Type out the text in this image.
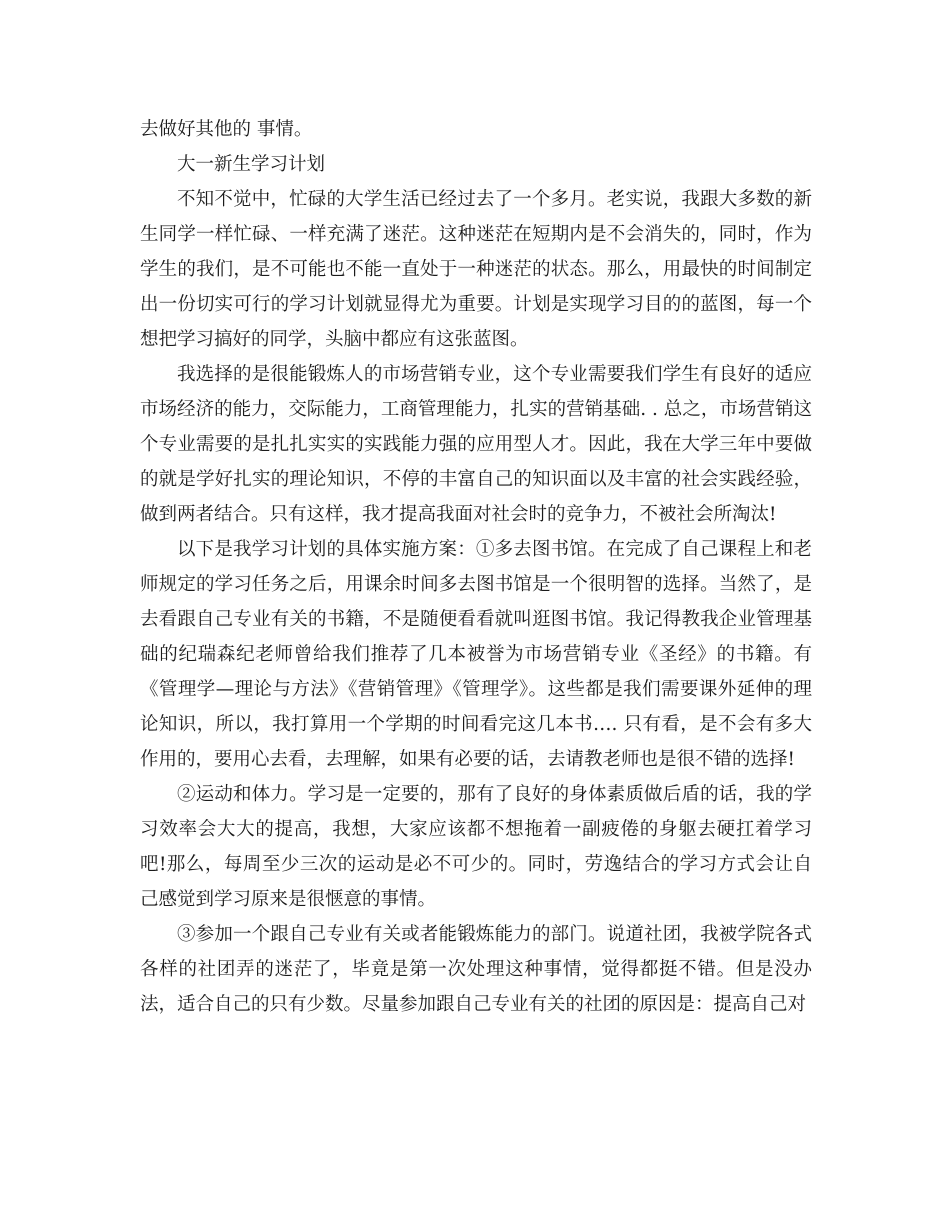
去做好其他的 事情。

大一新生学习计划

不知不觉中，忙碌的大学生活已经过去了一个多月。老实说，我跟大多数的新生同学一样忙碌、一样充满了迷茫。这种迷茫在短期内是不会消失的，同时，作为学生的我们，是不可能也不能一直处于一种迷茫的状态。那么，用最快的时间制定出一份切实可行的学习计划就显得尤为重要。计划是实现学习目的的蓝图，每一个想把学习搞好的同学，头脑中都应有这张蓝图。

我选择的是很能锻炼人的市场营销专业，这个专业需要我们学生有良好的适应市场经济的能力，交际能力，工商管理能力，扎实的营销基础. . 总之，市场营销这个专业需要的是扎扎实实的实践能力强的应用型人才。因此，我在大学三年中要做的就是学好扎实的理论知识，不停的丰富自己的知识面以及丰富的社会实践经验，做到两者结合。只有这样，我才提高我面对社会时的竞争力，不被社会所淘汰!

以下是我学习计划的具体实施方案：①多去图书馆。在完成了自己课程上和老师规定的学习任务之后，用课余时间多去图书馆是一个很明智的选择。当然了，是去看跟自己专业有关的书籍，不是随便看看就叫逛图书馆。我记得教我企业管理基础的纪瑞森纪老师曾给我们推荐了几本被誉为市场营销专业《圣经》的书籍。有《管理学—理论与方法》《营销管理》《管理学》。这些都是我们需要课外延伸的理论知识，所以，我打算用一个学期的时间看完这几本书…. 只有看，是不会有多大作用的，要用心去看，去理解，如果有必要的话，去请教老师也是很不错的选择!

②运动和体力。学习是一定要的，那有了良好的身体素质做后盾的话，我的学习效率会大大的提高，我想，大家应该都不想拖着一副疲倦的身躯去硬扛着学习吧!那么，每周至少三次的运动是必不可少的。同时，劳逸结合的学习方式会让自己感觉到学习原来是很惬意的事情。

③参加一个跟自己专业有关或者能锻炼能力的部门。说道社团，我被学院各式各样的社团弄的迷茫了，毕竟是第一次处理这种事情，觉得都挺不错。但是没办法，适合自己的只有少数。尽量参加跟自己专业有关的社团的原因是：提高自己对
